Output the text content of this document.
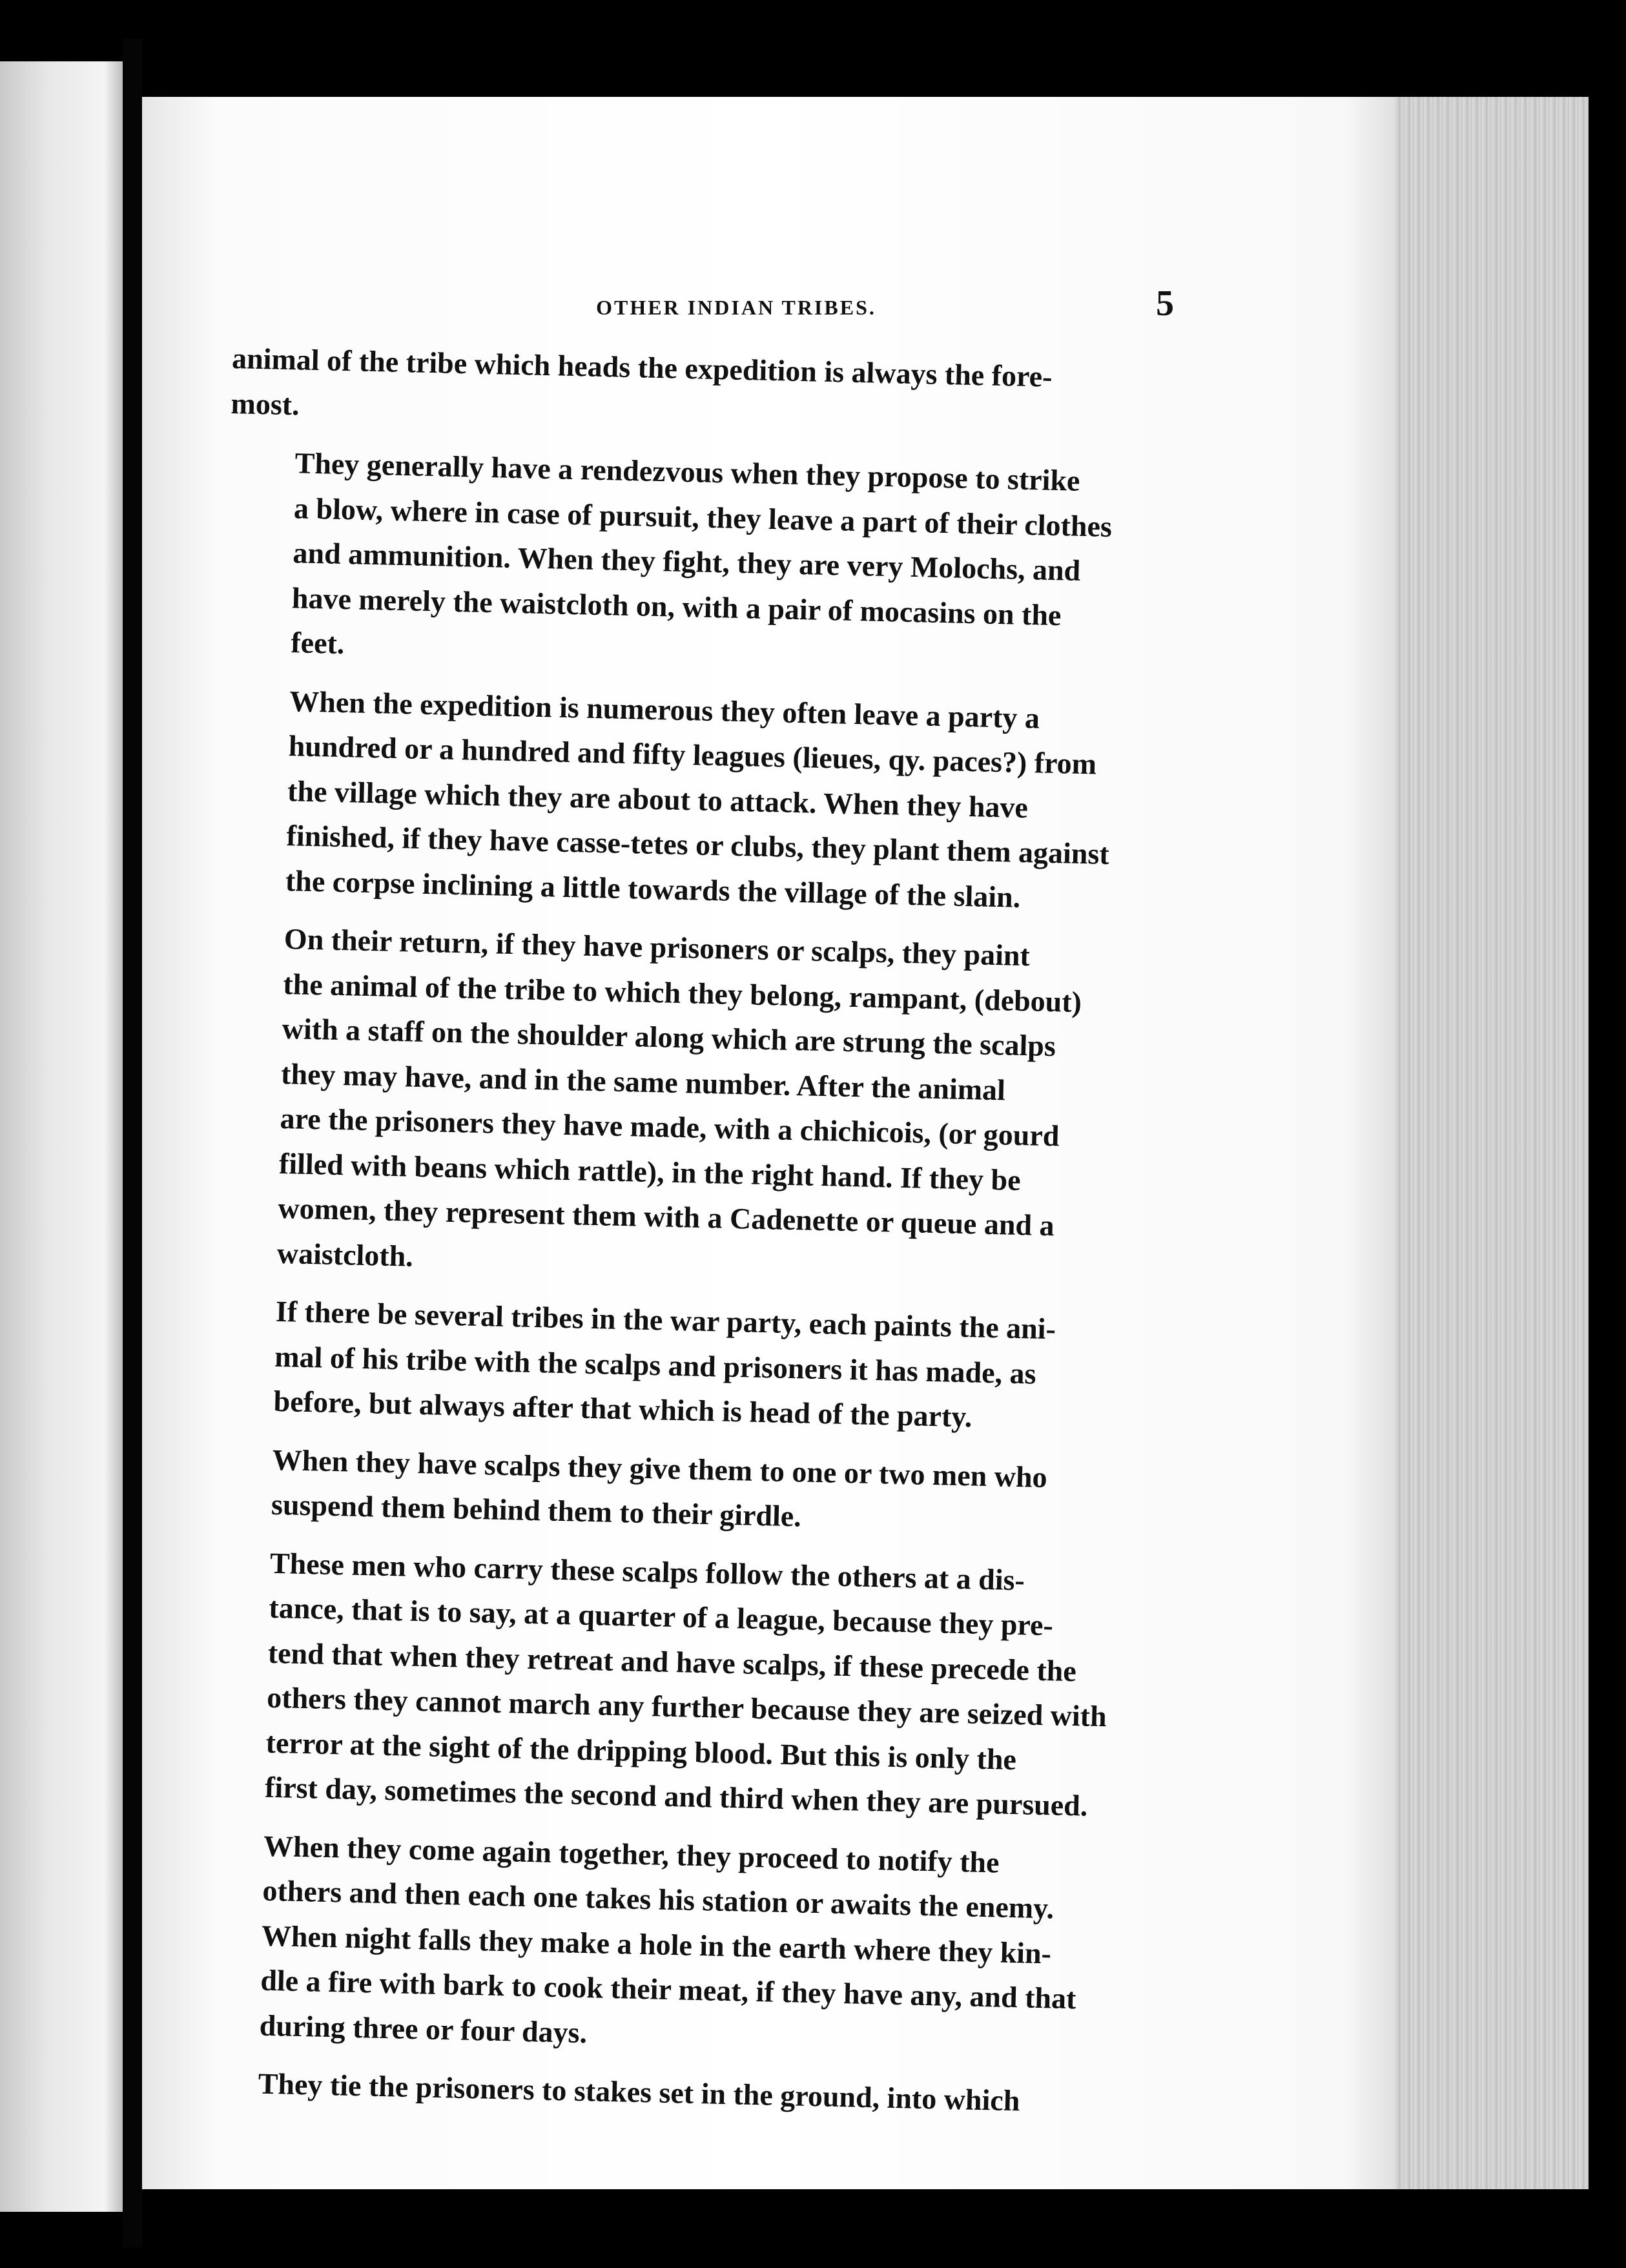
OTHER INDIAN TRIBES.	5
animal of the tribe which heads the expedition is always the fore-
most.
They generally have a rendezvous when they propose to strike
a blow, where in case of pursuit, they leave a part of their clothes
and ammunition. When they fight, they are very Molochs, and
have merely the waistcloth on, with a pair of mocasins on the
feet.
When the expedition is numerous they often leave a party a
hundred or a hundred and fifty leagues (lieues, qy. paces?) from
the village which they are about to attack. When they have
finished, if they have casse-tetes or clubs, they plant them against
the corpse inclining a little towards the village of the slain.
On their return, if they have prisoners or scalps, they paint
the animal of the tribe to which they belong, rampant, (debout)
with a staff on the shoulder along which are strung the scalps
they may have, and in the same number. After the animal
are the prisoners they have made, with a chichicois, (or gourd
filled with beans which rattle), in the right hand. If they be
women, they represent them with a Cadenette or queue and a
waistcloth.
If there be several tribes in the war party, each paints the ani-
mal of his tribe with the scalps and prisoners it has made, as
before, but always after that which is head of the party.
When they have scalps they give them to one or two men who
suspend them behind them to their girdle.
These men who carry these scalps follow the others at a dis-
tance, that is to say, at a quarter of a league, because they pre-
tend that when they retreat and have scalps, if these precede the
others they cannot march any further because they are seized with
terror at the sight of the dripping blood. But this is only the
first day, sometimes the second and third when they are pursued.
When they come again together, they proceed to notify the
others and then each one takes his station or awaits the enemy.
When night falls they make a hole in the earth where they kin-
dle a fire with bark to cook their meat, if they have any, and that
during three or four days.
They tie the prisoners to stakes set in the ground, into which
